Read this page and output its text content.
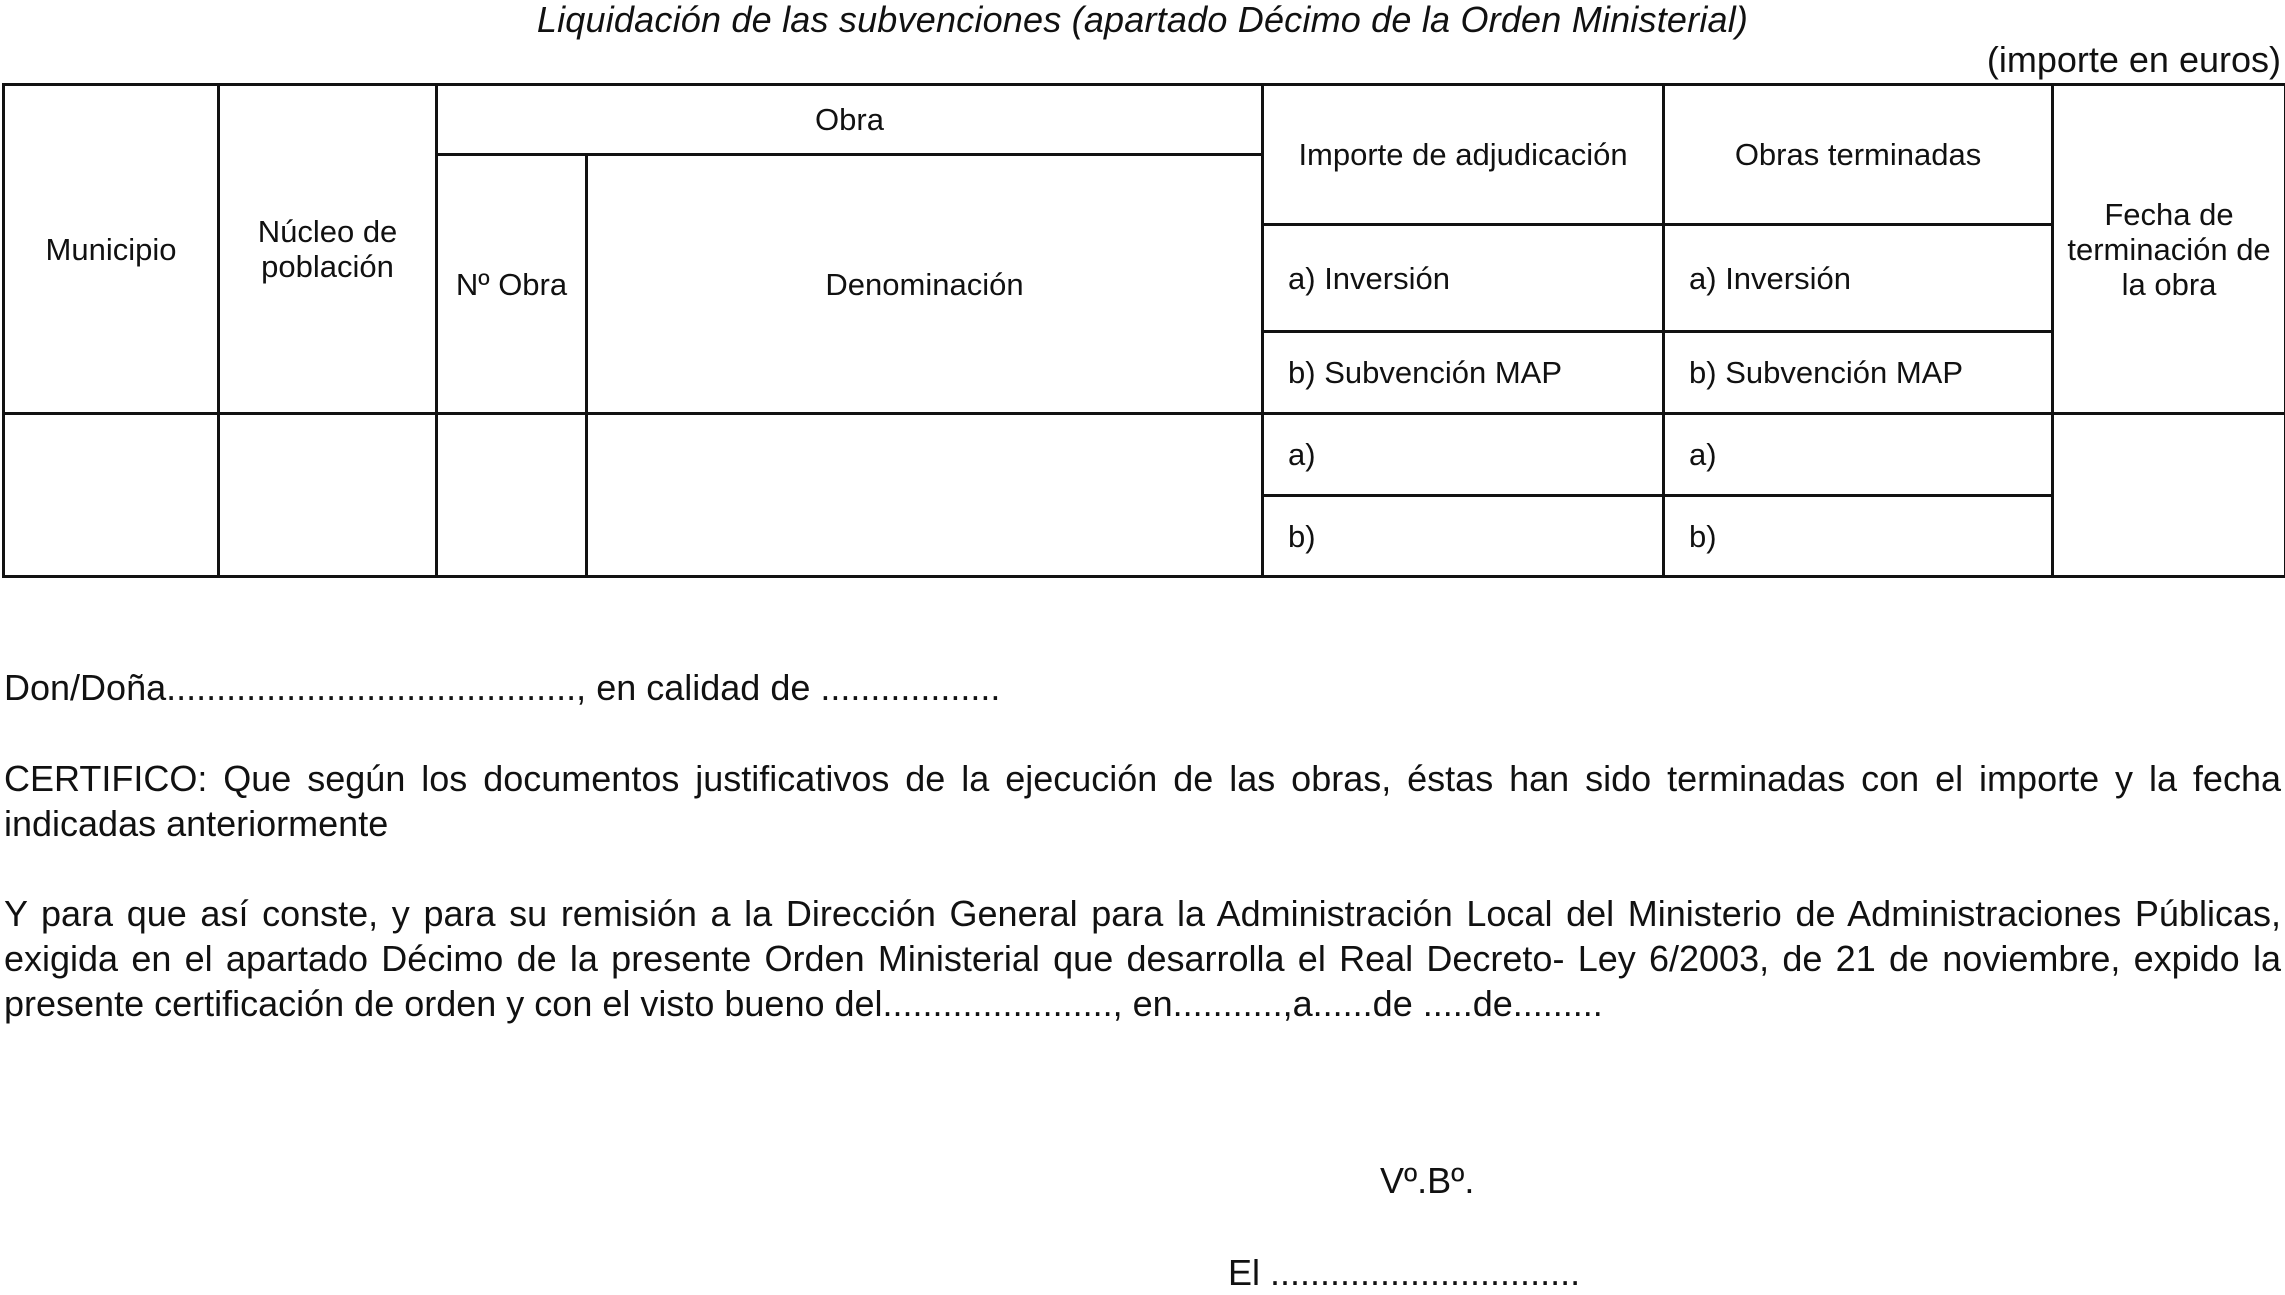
Liquidación de las subvenciones (apartado Décimo de la Orden Ministerial)
(importe en euros)
Municipio	Núcleo de población	Obra		Importe de adjudicación	Obras terminadas	Fecha de terminación de la obra
		Nº Obra	Denominación			
				a) Inversión	a) Inversión	
				b) Subvención MAP	b) Subvención MAP	
				a)	a)	
				b)	b)	
Don/Doña........................................., en calidad de ..................
CERTIFICO: Que según los documentos justificativos de la ejecución de las obras, éstas han sido terminadas con el importe y la fecha indicadas anteriormente
Y para que así conste, y para su remisión a la Dirección General para la Administración Local del Ministerio de Administraciones Públicas, exigida en el apartado Décimo de la presente Orden Ministerial que desarrolla el Real Decreto- Ley 6/2003, de 21 de noviembre, expido la presente certificación de orden y con el visto bueno del......................., en...........,a......de .....de.........
Vº.Bº.
El ...............................
